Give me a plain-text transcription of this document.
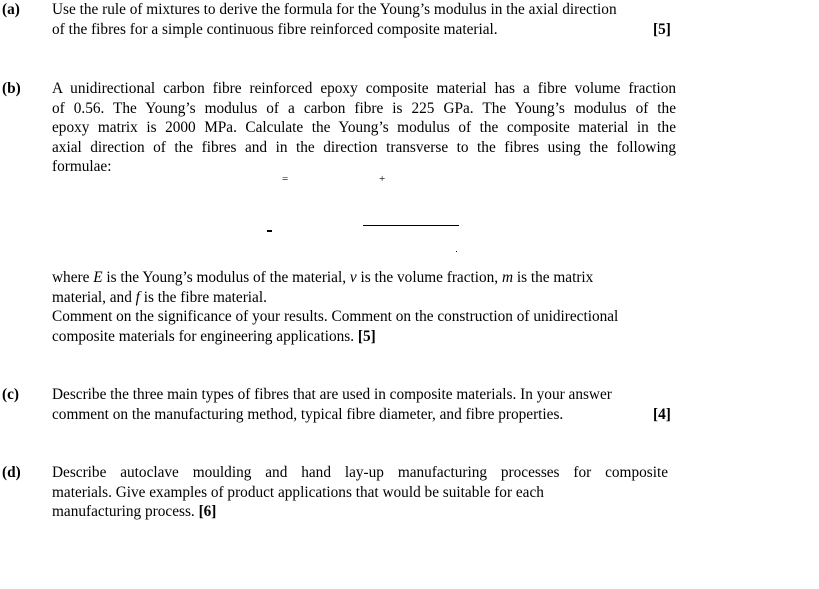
(a) Use the rule of mixtures to derive the formula for the Young’s modulus in the axial direction
of the fibres for a simple continuous fibre reinforced composite material.	[5]
(b) A unidirectional carbon fibre reinforced epoxy composite material has a fibre volume fraction
of 0.56. The Young’s modulus of a carbon fibre is 225 GPa. The Young’s modulus of the
epoxy matrix is 2000 MPa. Calculate the Young’s modulus of the composite material in the
axial direction of the fibres and in the direction transverse to the fibres using the following
formulae:
=	+
where E is the Young’s modulus of the material, v is the volume fraction, m is the matrix
material, and f is the fibre material.
Comment on the significance of your results. Comment on the construction of unidirectional
composite materials for engineering applications. [5]
(c) Describe the three main types of fibres that are used in composite materials. In your answer
comment on the manufacturing method, typical fibre diameter, and fibre properties.	[4]
(d) Describe autoclave moulding and hand lay-up manufacturing processes for composite
materials. Give examples of product applications that would be suitable for each
manufacturing process. [6]
